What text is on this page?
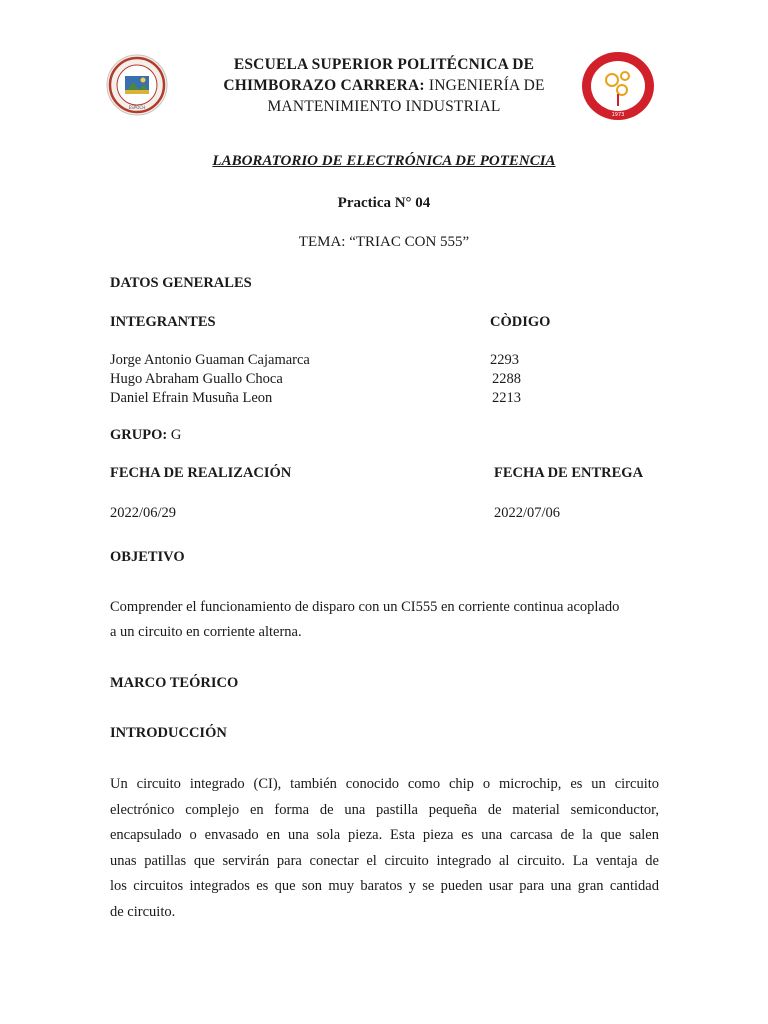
ESPOCH
1973
ESCUELA SUPERIOR POLITÉCNICA DE
CHIMBORAZO CARRERA: INGENIERÍA DE
MANTENIMIENTO INDUSTRIAL
LABORATORIO DE ELECTRÓNICA DE POTENCIA
Practica N° 04
TEMA: “TRIAC CON 555”
DATOS GENERALES
INTEGRANTES	CÒDIGO
Jorge Antonio Guaman Cajamarca	2293
Hugo Abraham Guallo Choca	2288
Daniel Efrain Musuña Leon	2213
GRUPO: G
FECHA DE REALIZACIÓN	FECHA DE ENTREGA
2022/06/29	2022/07/06
OBJETIVO
Comprender el funcionamiento de disparo con un CI555 en corriente continua acoplado
a un circuito en corriente alterna.
MARCO TEÓRICO
INTRODUCCIÓN
Un circuito integrado (CI), también conocido como chip o microchip, es un circuito
electrónico complejo en forma de una pastilla pequeña de material semiconductor,
encapsulado o envasado en una sola pieza. Esta pieza es una carcasa de la que salen
unas patillas que servirán para conectar el circuito integrado al circuito. La ventaja de
los circuitos integrados es que son muy baratos y se pueden usar para una gran cantidad
de circuito.
